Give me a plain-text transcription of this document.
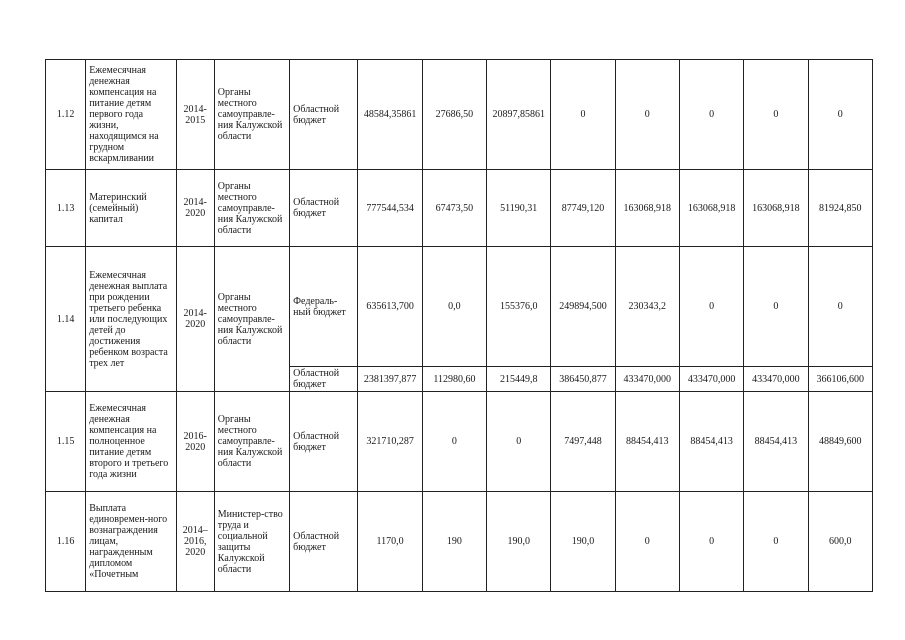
1.12	Ежемесячная денежная компенсация на питание детям первого года жизни, находящимся на грудном вскармливании	2014-2015	Органы местного самоуправле-ния Калужской области	Областной бюджет	48584,35861	27686,50	20897,85861	0	0	0	0	0
1.13	Материнский (семейный) капитал	2014-2020	Органы местного самоуправле-ния Калужской области	Областной бюджет	777544,534	67473,50	51190,31	87749,120	163068,918	163068,918	163068,918	81924,850
1.14	Ежемесячная денежная выплата при рождении третьего ребенка или последующих детей до достижения ребенком возраста трех лет	2014-2020	Органы местного самоуправле-ния Калужской области	Федераль-ный бюджет	635613,700	0,0	155376,0	249894,500	230343,2	0	0	0
				Областной бюджет	2381397,877	112980,60	215449,8	386450,877	433470,000	433470,000	433470,000	366106,600
1.15	Ежемесячная денежная компенсация на полноценное питание детям второго и третьего года жизни	2016-2020	Органы местного самоуправле-ния Калужской области	Областной бюджет	321710,287	0	0	7497,448	88454,413	88454,413	88454,413	48849,600
1.16	Выплата единовремен-ного вознаграждения лицам, награжденным дипломом «Почетным	2014–2016, 2020	Министер-ство труда и социальной защиты Калужской области	Областной бюджет	1170,0	190	190,0	190,0	0	0	0	600,0
